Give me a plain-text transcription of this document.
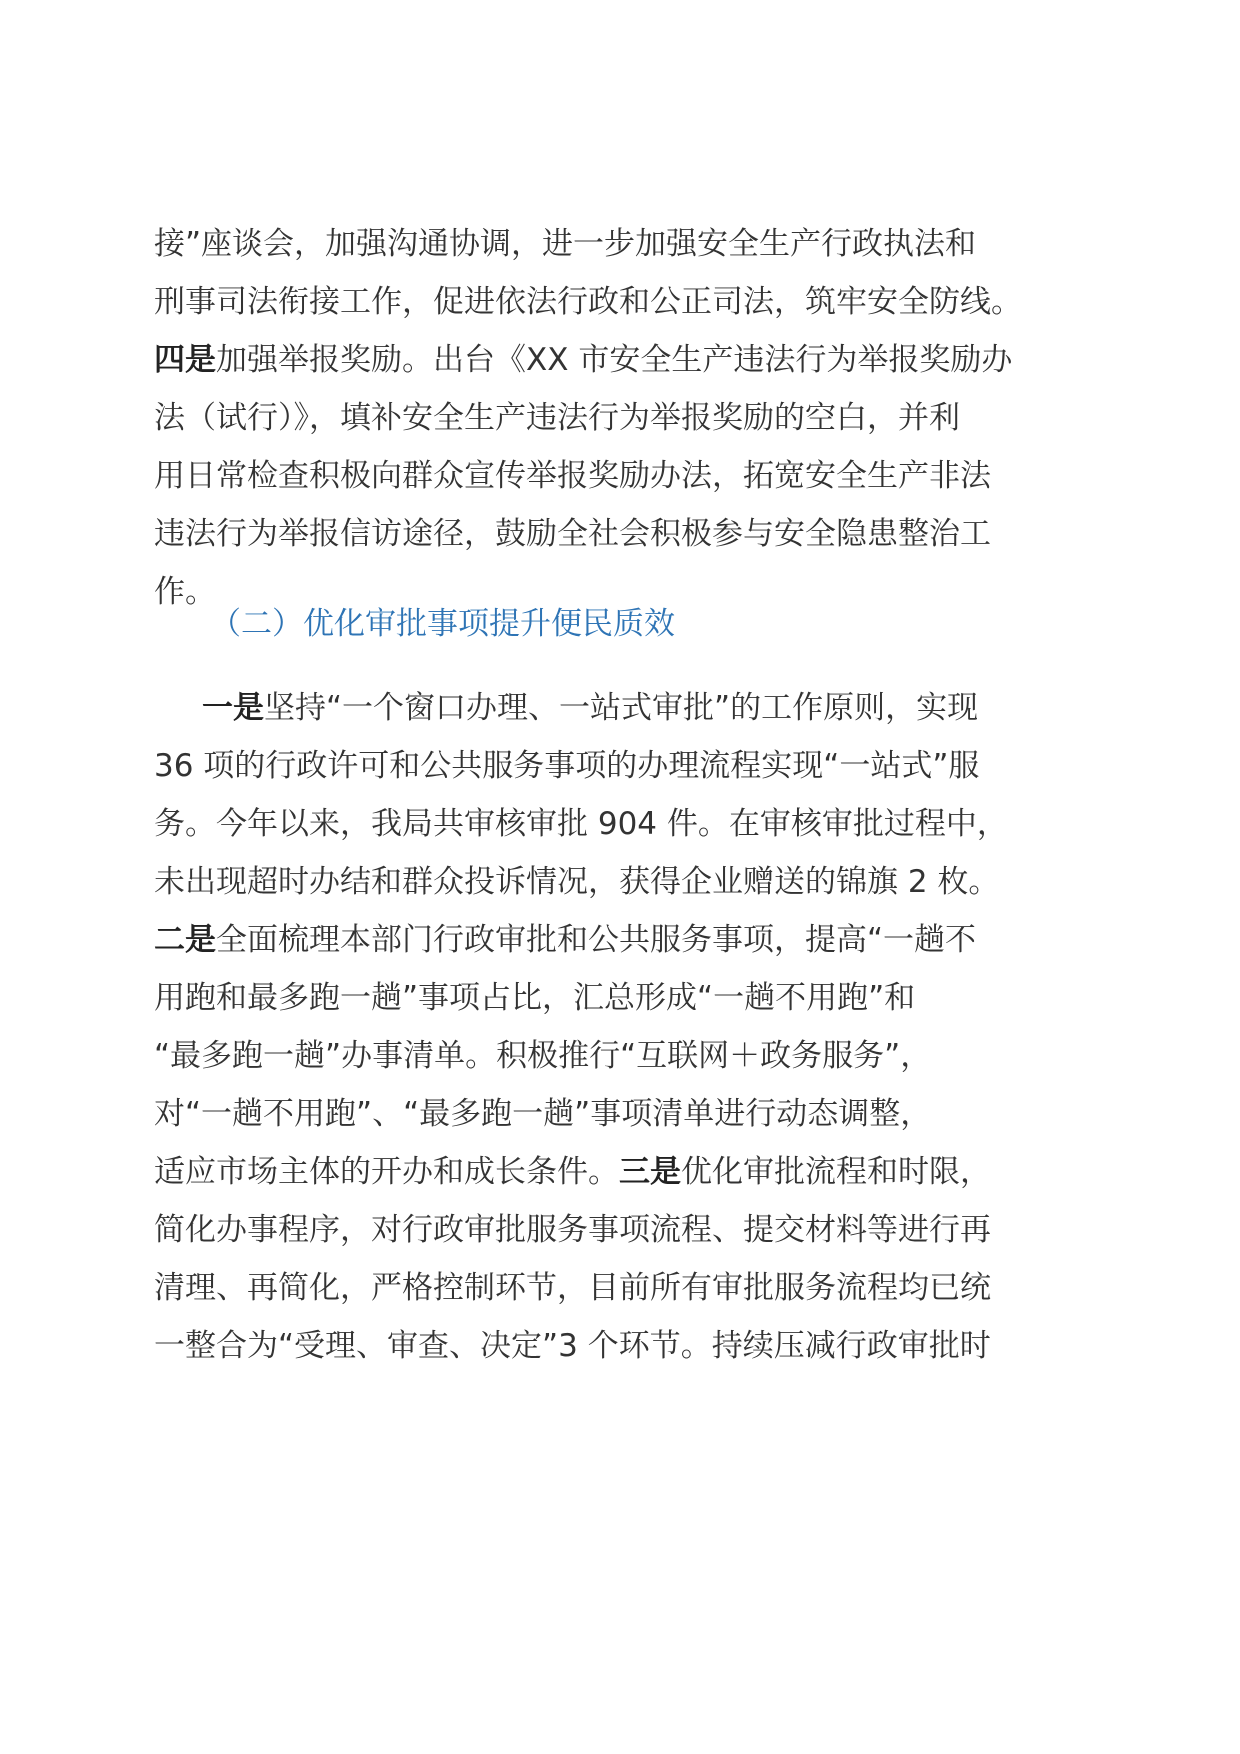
接”座谈会，加强沟通协调，进一步加强安全生产行政执法和
刑事司法衔接工作，促进依法行政和公正司法，筑牢安全防线。
四是加强举报奖励。出台《XX 市安全生产违法行为举报奖励办
法（试行）》，填补安全生产违法行为举报奖励的空白，并利
用日常检查积极向群众宣传举报奖励办法，拓宽安全生产非法
违法行为举报信访途径，鼓励全社会积极参与安全隐患整治工
作。
一是坚持“一个窗口办理、一站式审批”的工作原则，实现
36 项的行政许可和公共服务事项的办理流程实现“一站式”服
务。今年以来，我局共审核审批 904 件。在审核审批过程中，
未出现超时办结和群众投诉情况，获得企业赠送的锦旗 2 枚。
二是全面梳理本部门行政审批和公共服务事项，提高“一趟不
用跑和最多跑一趟”事项占比，汇总形成“一趟不用跑”和
“最多跑一趟”办事清单。积极推行“互联网＋政务服务”，
对“一趟不用跑”、“最多跑一趟”事项清单进行动态调整，
适应市场主体的开办和成长条件。三是优化审批流程和时限，
简化办事程序，对行政审批服务事项流程、提交材料等进行再
清理、再简化，严格控制环节，目前所有审批服务流程均已统
一整合为“受理、审查、决定”3 个环节。持续压减行政审批时
（二）优化审批事项提升便民质效
